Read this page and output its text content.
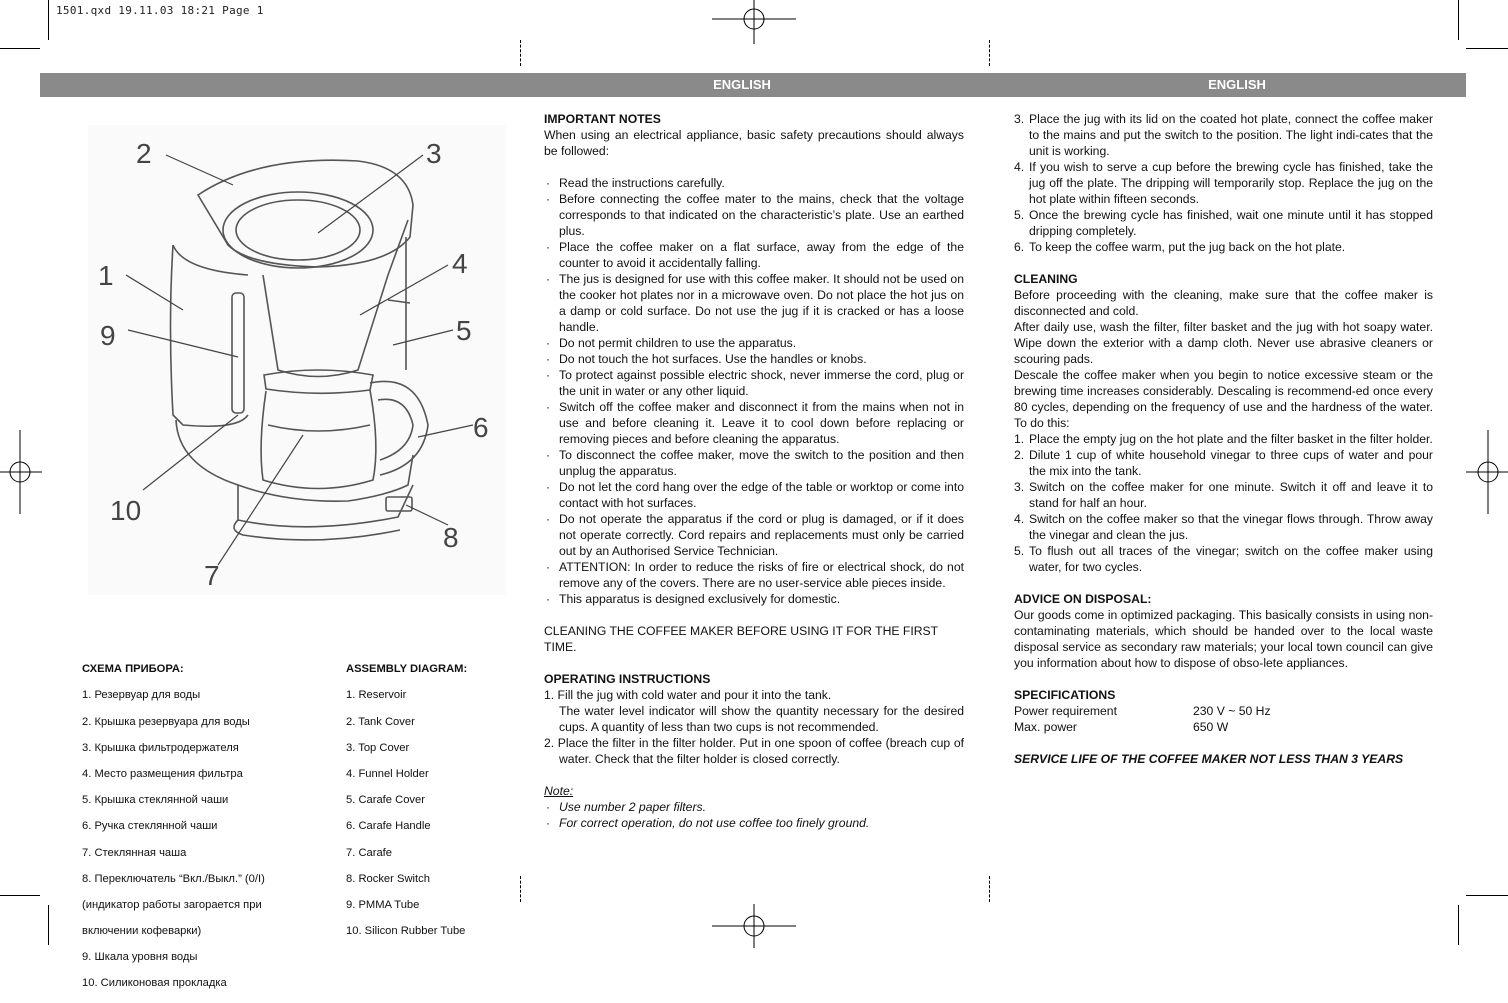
1501.qxd 19.11.03 18:21 Page 1
ENGLISH	ENGLISH
2	3
1	4
9	5
6
10
8
7

СХЕМА ПРИБОРА:

1. Резервуар для воды

2. Крышка резервуара для воды

3. Крышка фильтродержателя

4. Место размещения фильтра

5. Крышка стеклянной чаши

6. Ручка стеклянной чаши

7. Стеклянная чаша

8. Переключатель “Вкл./Выкл.” (0/I)

(индикатор работы загорается при

включении кофеварки)

9. Шкала уровня воды

10. Силиконовая прокладка

ASSEMBLY DIAGRAM:

1. Reservoir

2. Tank Cover

3. Top Cover

4. Funnel Holder

5. Carafe Cover

6. Carafe Handle

7. Carafe

8. Rocker Switch

9. PMMA Tube

10. Silicon Rubber Tube

IMPORTANT NOTES

When using an electrical appliance, basic safety precautions should always be followed:

· Read the instructions carefully.

· Before connecting the coffee mater to the mains, check that the voltage corresponds to that indicated on the characteristic’s plate. Use an earthed plus.

· Place the coffee maker on a flat surface, away from the edge of the counter to avoid it accidentally falling.

· The jus is designed for use with this coffee maker. It should not be used on the cooker hot plates nor in a microwave oven. Do not place the hot jus on a damp or cold surface. Do not use the jug if it is cracked or has a loose handle.

· Do not permit children to use the apparatus.

· Do not touch the hot surfaces. Use the handles or knobs.

· To protect against possible electric shock, never immerse the cord, plug or the unit in water or any other liquid.

· Switch off the coffee maker and disconnect it from the mains when not in use and before cleaning it. Leave it to cool down before replacing or removing pieces and before cleaning the apparatus.

· To disconnect the coffee maker, move the switch to the position and then unplug the apparatus.

· Do not let the cord hang over the edge of the table or worktop or come into contact with hot surfaces.

· Do not operate the apparatus if the cord or plug is damaged, or if it does not operate correctly. Cord repairs and replacements must only be carried out by an Authorised Service Technician.

· ATTENTION: In order to reduce the risks of fire or electrical shock, do not remove any of the covers. There are no user-service able pieces inside.

· This apparatus is designed exclusively for domestic.

CLEANING THE COFFEE MAKER BEFORE USING IT FOR THE FIRST TIME.

OPERATING INSTRUCTIONS

1. Fill the jug with cold water and pour it into the tank.

The water level indicator will show the quantity necessary for the desired cups. A quantity of less than two cups is not recommended.

2. Place the filter in the filter holder. Put in one spoon of coffee (breach cup of water. Check that the filter holder is closed correctly.

Note:

· Use number 2 paper filters.

· For correct operation, do not use coffee too finely ground.

3. Place the jug with its lid on the coated hot plate, connect the coffee maker to the mains and put the switch to the position. The light indi-cates that the unit is working.

4. If you wish to serve a cup before the brewing cycle has finished, take the jug off the plate. The dripping will temporarily stop. Replace the jug on the hot plate within fifteen seconds.

5. Once the brewing cycle has finished, wait one minute until it has stopped dripping completely.

6. To keep the coffee warm, put the jug back on the hot plate.

CLEANING

Before proceeding with the cleaning, make sure that the coffee maker is disconnected and cold.

After daily use, wash the filter, filter basket and the jug with hot soapy water. Wipe down the exterior with a damp cloth. Never use abrasive cleaners or scouring pads.

Descale the coffee maker when you begin to notice excessive steam or the brewing time increases considerably. Descaling is recommend-ed once every 80 cycles, depending on the frequency of use and the hardness of the water. To do this:

1. Place the empty jug on the hot plate and the filter basket in the filter holder.

2. Dilute 1 cup of white household vinegar to three cups of water and pour the mix into the tank.

3. Switch on the coffee maker for one minute. Switch it off and leave it to stand for half an hour.

4. Switch on the coffee maker so that the vinegar flows through. Throw away the vinegar and clean the jus.

5. To flush out all traces of the vinegar; switch on the coffee maker using water, for two cycles.

ADVICE ON DISPOSAL:

Our goods come in optimized packaging. This basically consists in using non-contaminating materials, which should be handed over to the local waste disposal service as secondary raw materials; your local town council can give you information about how to dispose of obso-lete appliances.

SPECIFICATIONS

Power requirement	230 V ~ 50 Hz
Max. power	650 W

SERVICE LIFE OF THE COFFEE MAKER NOT LESS THAN 3 YEARS
